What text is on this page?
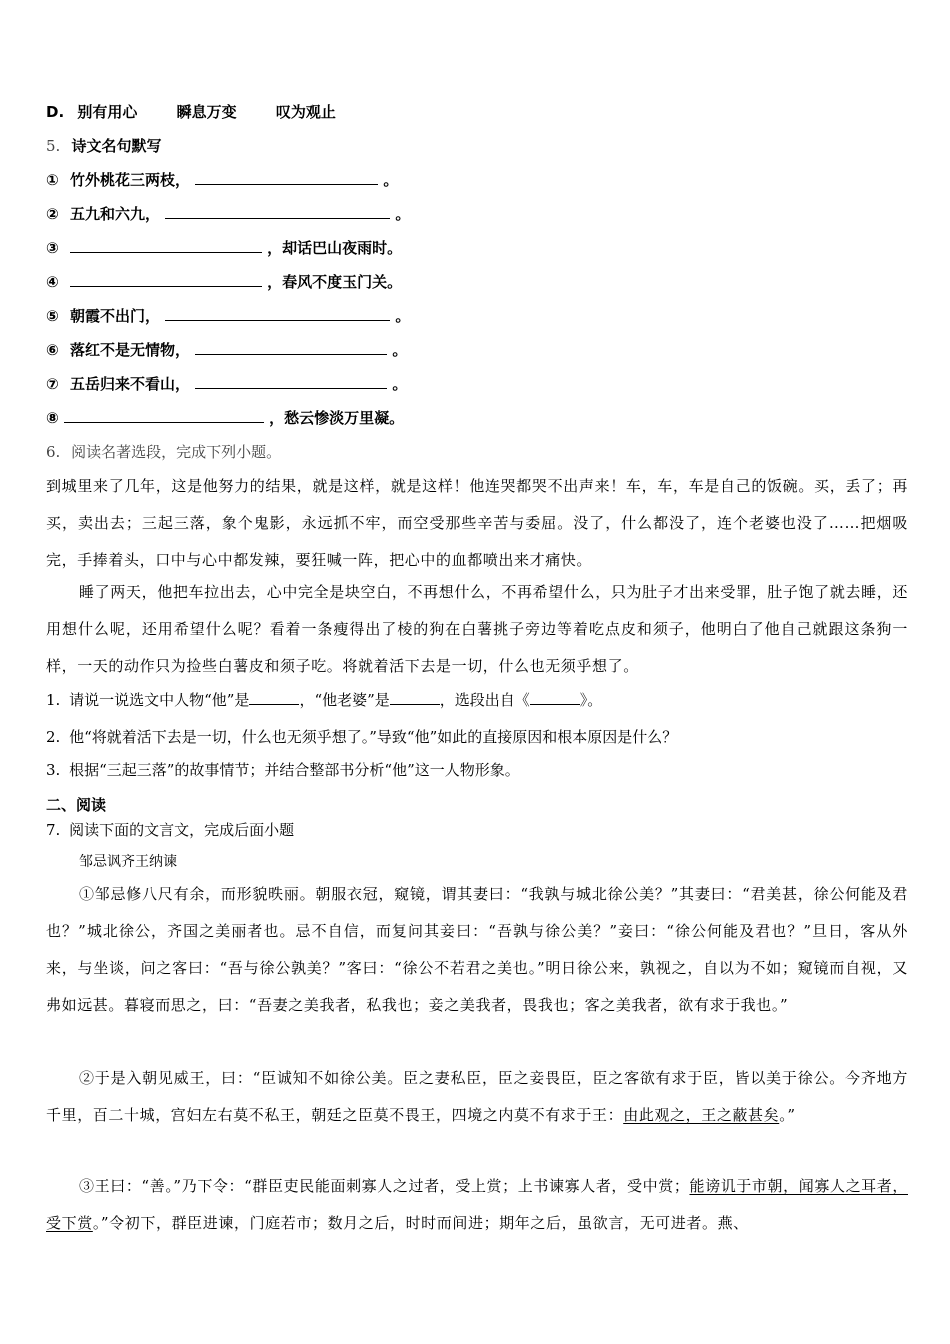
D. 别有用心	瞬息万变	叹为观止
5. 诗文名句默写
① 竹外桃花三两枝，	。
② 五九和六九，	。
③	，却话巴山夜雨时。
④	，春风不度玉门关。
⑤ 朝霞不出门，	。
⑥ 落红不是无情物，	。
⑦ 五岳归来不看山，	。
⑧	，愁云惨淡万里凝。
6. 阅读名著选段，完成下列小题。
到城里来了几年，这是他努力的结果，就是这样，就是这样！他连哭都哭不出声来！车，车，车是自己的饭碗。买，丢了；再买，卖出去；三起三落，象个鬼影，永远抓不牢，而空受那些辛苦与委屈。没了，什么都没了，连个老婆也没了……把烟吸完，手捧着头，口中与心中都发辣，要狂喊一阵，把心中的血都喷出来才痛快。
睡了两天，他把车拉出去，心中完全是块空白，不再想什么，不再希望什么，只为肚子才出来受罪，肚子饱了就去睡，还用想什么呢，还用希望什么呢？看着一条瘦得出了棱的狗在白薯挑子旁边等着吃点皮和须子，他明白了他自己就跟这条狗一样，一天的动作只为捡些白薯皮和须子吃。将就着活下去是一切，什么也无须乎想了。
1. 请说一说选文中人物“他”是	，“他老婆”是	，选段出自《	》。
2. 他“将就着活下去是一切，什么也无须乎想了。”导致“他”如此的直接原因和根本原因是什么？
3. 根据“三起三落”的故事情节；并结合整部书分析“他”这一人物形象。
二、阅读
7. 阅读下面的文言文，完成后面小题
邹忌讽齐王纳谏
①邹忌修八尺有余，而形貌昳丽。朝服衣冠，窥镜，谓其妻曰：“我孰与城北徐公美？”其妻曰：“君美甚，徐公何能及君也？”城北徐公，齐国之美丽者也。忌不自信，而复问其妾曰：“吾孰与徐公美？”妾曰：“徐公何能及君也？”旦日，客从外来，与坐谈，问之客曰：“吾与徐公孰美？”客曰：“徐公不若君之美也。”明日徐公来，孰视之，自以为不如；窥镜而自视，又弗如远甚。暮寝而思之，曰：“吾妻之美我者，私我也；妾之美我者，畏我也；客之美我者，欲有求于我也。”
②于是入朝见威王，曰：“臣诚知不如徐公美。臣之妻私臣，臣之妾畏臣，臣之客欲有求于臣，皆以美于徐公。今齐地方千里，百二十城，宫妇左右莫不私王，朝廷之臣莫不畏王，四境之内莫不有求于王：由此观之，王之蔽甚矣。”
③王曰：“善。”乃下令：“群臣吏民能面刺寡人之过者，受上赏；上书谏寡人者，受中赏；能谤讥于市朝，闻寡人之耳者，受下赏。”令初下，群臣进谏，门庭若市；数月之后，时时而间进；期年之后，虽欲言，无可进者。燕、
